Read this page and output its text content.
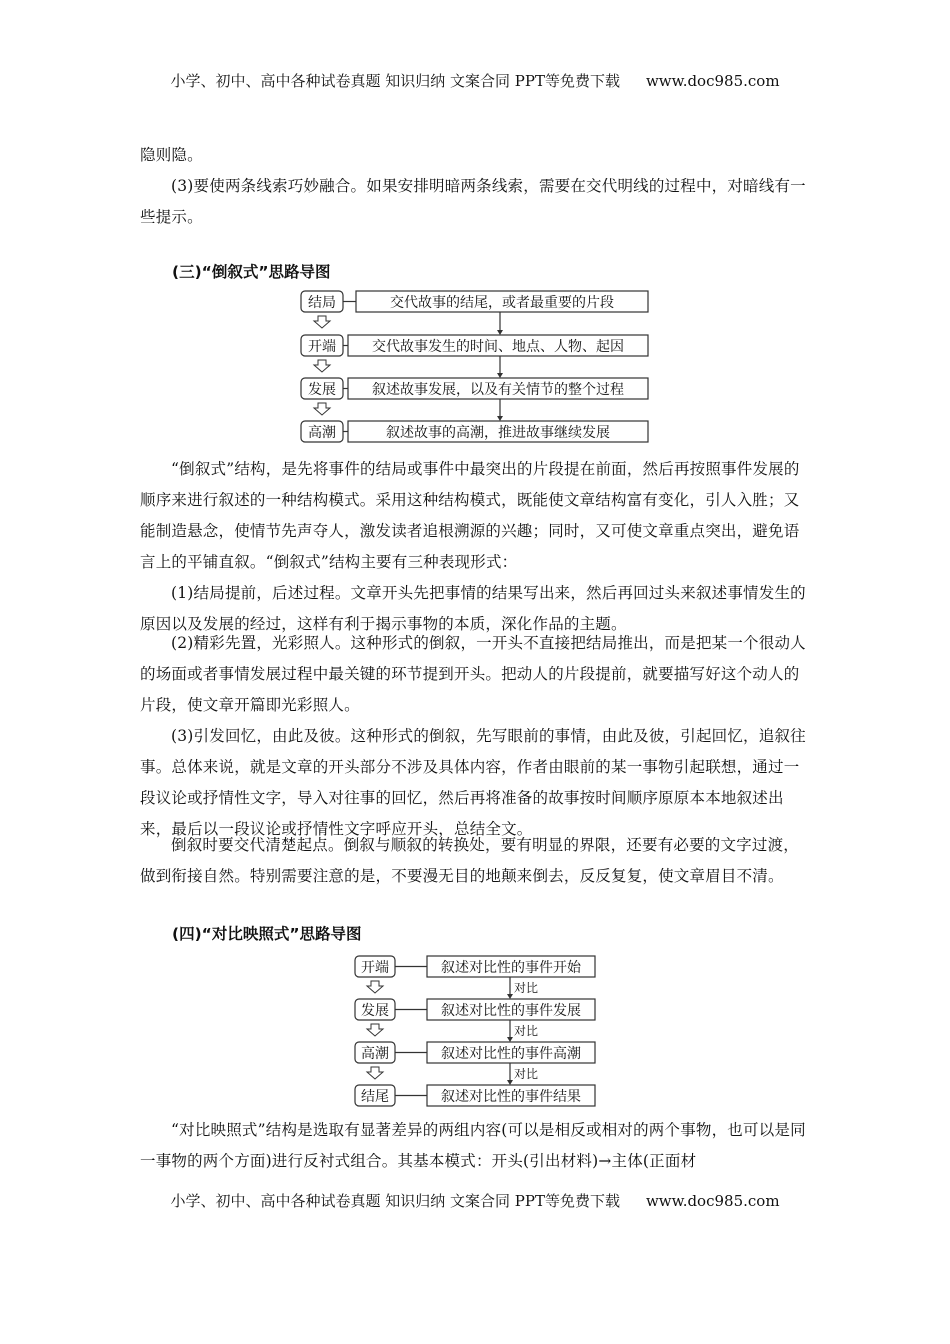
小学、初中、高中各种试卷真题 知识归纳 文案合同 PPT等免费下载 www.doc985.com

隐则隐。

(3)要使两条线索巧妙融合。如果安排明暗两条线索，需要在交代明线的过程中，对暗线有一些提示。

(三)“倒叙式”思路导图
结局
开端
发展
高潮
交代故事的结尾，或者最重要的片段
交代故事发生的时间、地点、人物、起因
叙述故事发展，以及有关情节的整个过程
叙述故事的高潮，推进故事继续发展

“倒叙式”结构，是先将事件的结局或事件中最突出的片段提在前面，然后再按照事件发展的顺序来进行叙述的一种结构模式。采用这种结构模式，既能使文章结构富有变化，引人入胜；又能制造悬念，使情节先声夺人，激发读者追根溯源的兴趣；同时，又可使文章重点突出，避免语言上的平铺直叙。“倒叙式”结构主要有三种表现形式：

(1)结局提前，后述过程。文章开头先把事情的结果写出来，然后再回过头来叙述事情发生的原因以及发展的经过，这样有利于揭示事物的本质，深化作品的主题。

(2)精彩先置，光彩照人。这种形式的倒叙，一开头不直接把结局推出，而是把某一个很动人的场面或者事情发展过程中最关键的环节提到开头。把动人的片段提前，就要描写好这个动人的片段，使文章开篇即光彩照人。

(3)引发回忆，由此及彼。这种形式的倒叙，先写眼前的事情，由此及彼，引起回忆，追叙往事。总体来说，就是文章的开头部分不涉及具体内容，作者由眼前的某一事物引起联想，通过一段议论或抒情性文字，导入对往事的回忆，然后再将准备的故事按时间顺序原原本本地叙述出来，最后以一段议论或抒情性文字呼应开头，总结全文。

倒叙时要交代清楚起点。倒叙与顺叙的转换处，要有明显的界限，还要有必要的文字过渡，做到衔接自然。特别需要注意的是，不要漫无目的地颠来倒去，反反复复，使文章眉目不清。

(四)“对比映照式”思路导图
开端
发展
高潮
结尾
叙述对比性的事件开始
叙述对比性的事件发展
叙述对比性的事件高潮
叙述对比性的事件结果
对比
对比
对比

“对比映照式”结构是选取有显著差异的两组内容(可以是相反或相对的两个事物，也可以是同一事物的两个方面)进行反衬式组合。其基本模式：开头(引出材料)→主体(正面材

小学、初中、高中各种试卷真题 知识归纳 文案合同 PPT等免费下载 www.doc985.com
